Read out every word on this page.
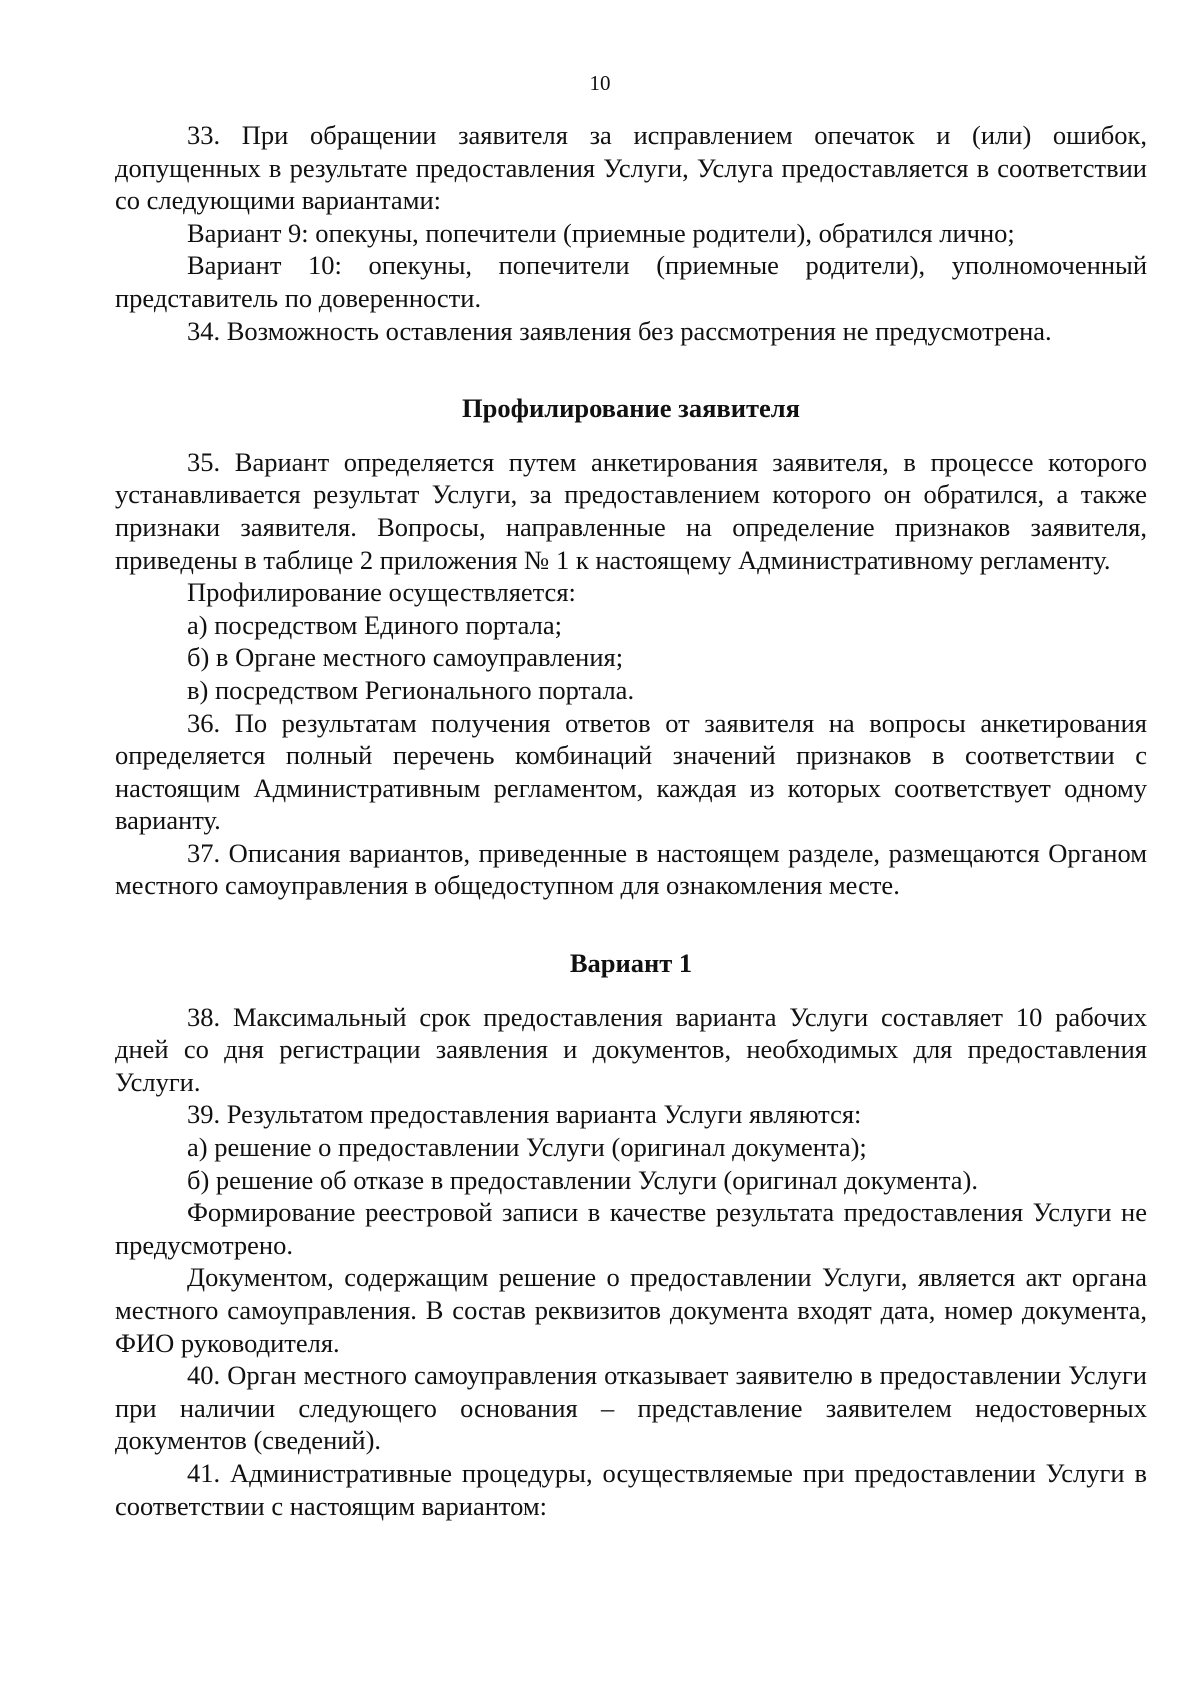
10

33. При обращении заявителя за исправлением опечаток и (или) ошибок, допущенных в результате предоставления Услуги, Услуга предоставляется в соответствии со следующими вариантами:

Вариант 9: опекуны, попечители (приемные родители), обратился лично;

Вариант 10: опекуны, попечители (приемные родители), уполномоченный представитель по доверенности.

34. Возможность оставления заявления без рассмотрения не предусмотрена.

Профилирование заявителя

35. Вариант определяется путем анкетирования заявителя, в процессе которого устанавливается результат Услуги, за предоставлением которого он обратился, а также признаки заявителя. Вопросы, направленные на определение признаков заявителя, приведены в таблице 2 приложения № 1 к настоящему Административному регламенту.

Профилирование осуществляется:

а) посредством Единого портала;

б) в Органе местного самоуправления;

в) посредством Регионального портала.

36. По результатам получения ответов от заявителя на вопросы анкетирования определяется полный перечень комбинаций значений признаков в соответствии с настоящим Административным регламентом, каждая из которых соответствует одному варианту.

37. Описания вариантов, приведенные в настоящем разделе, размещаются Органом местного самоуправления в общедоступном для ознакомления месте.

Вариант 1

38. Максимальный срок предоставления варианта Услуги составляет 10 рабочих дней со дня регистрации заявления и документов, необходимых для предоставления Услуги.

39. Результатом предоставления варианта Услуги являются:

а) решение о предоставлении Услуги (оригинал документа);

б) решение об отказе в предоставлении Услуги (оригинал документа).

Формирование реестровой записи в качестве результата предоставления Услуги не предусмотрено.

Документом, содержащим решение о предоставлении Услуги, является акт органа местного самоуправления. В состав реквизитов документа входят дата, номер документа, ФИО руководителя.

40. Орган местного самоуправления отказывает заявителю в предоставлении Услуги при наличии следующего основания – представление заявителем недостоверных документов (сведений).

41. Административные процедуры, осуществляемые при предоставлении Услуги в соответствии с настоящим вариантом:
